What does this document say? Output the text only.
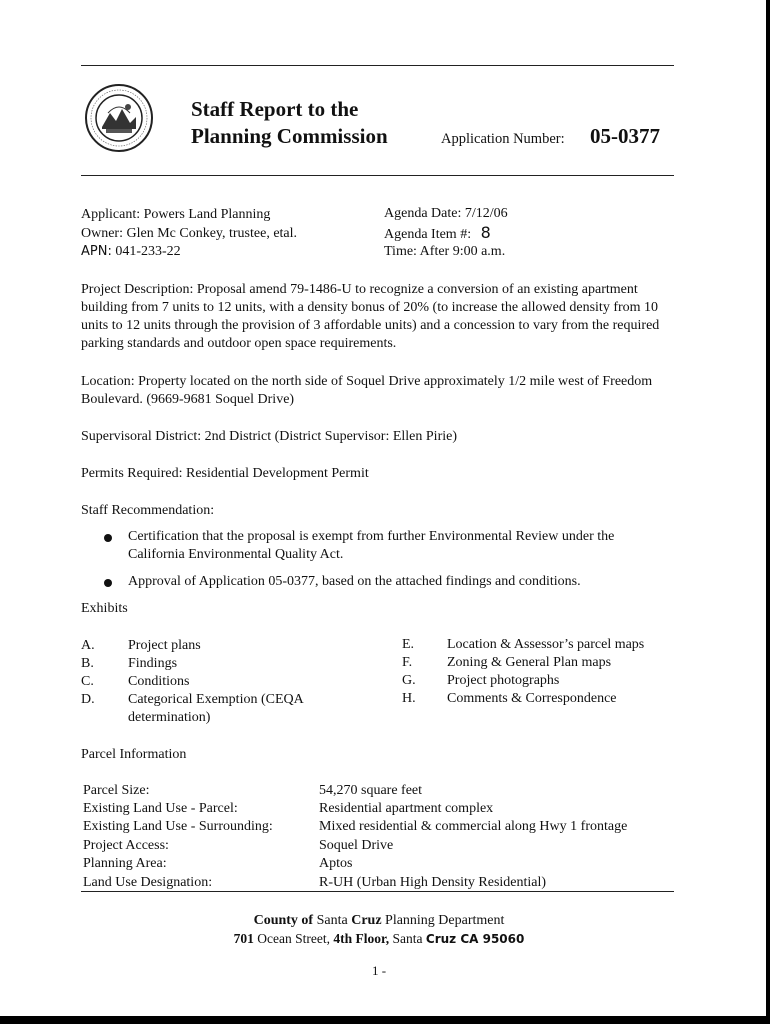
Staff Report to the
Planning Commission	Application Number: 05-0377
Applicant: Powers Land Planning
Owner: Glen Mc Conkey, trustee, etal.
APN: 041-233-22
Agenda Date: 7/12/06
Agenda Item #: 8
Time: After 9:00 a.m.
Project Description: Proposal amend 79-1486-U to recognize a conversion of an existing apartment building from 7 units to 12 units, with a density bonus of 20% (to increase the allowed density from 10 units to 12 units through the provision of 3 affordable units) and a concession to vary from the required parking standards and outdoor open space requirements.
Location: Property located on the north side of Soquel Drive approximately 1/2 mile west of Freedom Boulevard. (9669-9681 Soquel Drive)
Supervisoral District: 2nd District (District Supervisor: Ellen Pirie)
Permits Required: Residential Development Permit
Staff Recommendation:
Certification that the proposal is exempt from further Environmental Review under the California Environmental Quality Act.
Approval of Application 05-0377, based on the attached findings and conditions.
Exhibits
A. Project plans
B. Findings
C. Conditions
D. Categorical Exemption (CEQA determination)
E. Location & Assessor’s parcel maps
F. Zoning & General Plan maps
G. Project photographs
H. Comments & Correspondence
Parcel Information
Parcel Size:	54,270 square feet
Existing Land Use - Parcel:	Residential apartment complex
Existing Land Use - Surrounding:	Mixed residential & commercial along Hwy 1 frontage
Project Access:	Soquel Drive
Planning Area:	Aptos
Land Use Designation:	R-UH (Urban High Density Residential)
County of Santa Cruz Planning Department
701 Ocean Street, 4th Floor, Santa Cruz CA 95060
1 -
